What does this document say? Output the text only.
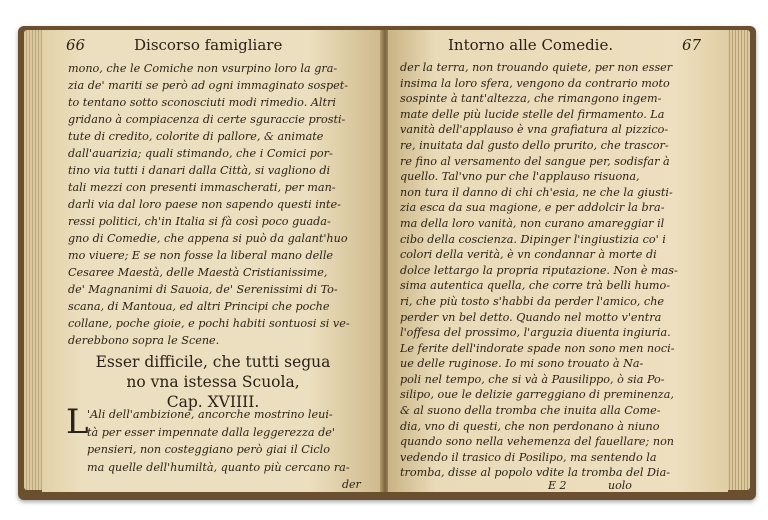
66	Discorso famigliare
mono, che le Comiche non vsurpino loro la gra-
zia de' mariti se però ad ogni immaginato sospet-
to tentano sotto sconosciuti modi rimedio. Altri
gridano à compiacenza di certe sguraccie prosti-
tute di credito, colorite di pallore, & animate
dall'auarizia; quali stimando, che i Comici por-
tino via tutti i danari dalla Città, si vagliono di
tali mezzi con presenti immascherati, per man-
darli via dal loro paese non sapendo questi inte-
ressi politici, ch'in Italia si fà così poco guada-
gno di Comedie, che appena si può da galant'huo
mo viuere; E se non fosse la liberal mano delle
Cesaree Maestà, delle Maestà Cristianissime,
de' Magnanimi di Sauoia, de' Serenissimi di To-
scana, di Mantoua, ed altri Principi che poche
collane, poche gioie, e pochi habiti sontuosi si ve-
derebbono sopra le Scene.
Esser difficile, che tutti segua
no vna istessa Scuola,
Cap. XVIIII.
L
'Ali dell'ambizione, ancorche mostrino leui-
tà per esser impennate dalla leggerezza de'
pensieri, non costeggiano però giai il Ciclo
ma quelle dell'humiltà, quanto più cercano ra-
der
Intorno alle Comedie.	67
der la terra, non trouando quiete, per non esser
insima la loro sfera, vengono da contrario moto
sospinte à tant'altezza, che rimangono ingem-
mate delle più lucide stelle del firmamento. La
vanità dell'applauso è vna grafiatura al pizzico-
re, inuitata dal gusto dello prurito, che trascor-
re fino al versamento del sangue per, sodisfar à
quello. Tal'vno pur che l'applauso risuona,
non tura il danno di chi ch'esia, ne che la giusti-
zia esca da sua magione, e per addolcir la bra-
ma della loro vanità, non curano amareggiar il
cibo della coscienza. Dipinger l'ingiustizia co' i
colori della verità, è vn condannar à morte di
dolce lettargo la propria riputazione. Non è mas-
sima autentica quella, che corre trà belli humo-
ri, che più tosto s'habbi da perder l'amico, che
perder vn bel detto. Quando nel motto v'entra
l'offesa del prossimo, l'arguzia diuenta ingiuria.
Le ferite dell'indorate spade non sono men noci-
ue delle ruginose. Io mi sono trouato à Na-
poli nel tempo, che si và à Pausilippo, ò sia Po-
silipo, oue le delizie garreggiano di preminenza,
& al suono della tromba che inuita alla Come-
dia, vno di questi, che non perdonano à niuno
quando sono nella vehemenza del fauellare; non
vedendo il trasico di Posilipo, ma sentendo la
tromba, disse al popolo vdite la tromba del Dia-
E 2	uolo
